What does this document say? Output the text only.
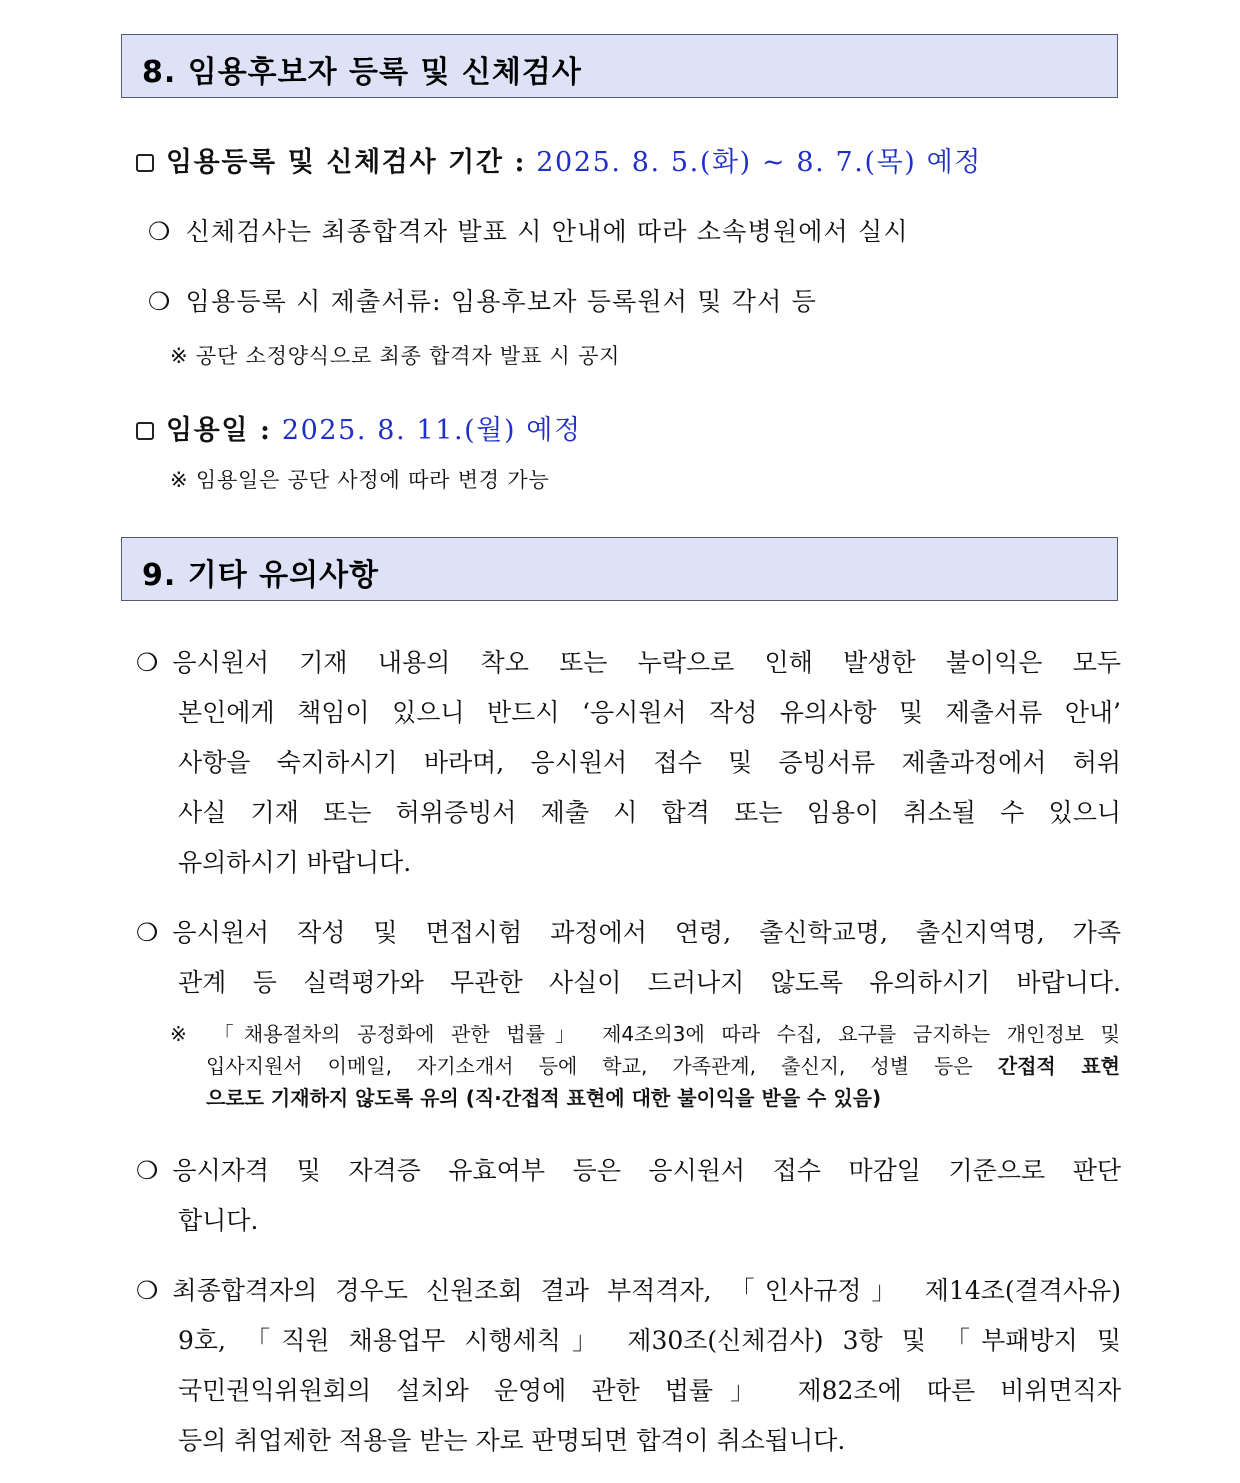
8. 임용후보자 등록 및 신체검사
임용등록 및 신체검사 기간 : 2025. 8. 5.(화) ~ 8. 7.(목) 예정
❍ 신체검사는 최종합격자 발표 시 안내에 따라 소속병원에서 실시
❍ 임용등록 시 제출서류: 임용후보자 등록원서 및 각서 등
※ 공단 소정양식으로 최종 합격자 발표 시 공지
임용일 : 2025. 8. 11.(월) 예정
※ 임용일은 공단 사정에 따라 변경 가능
9. 기타 유의사항
❍ 응시원서 기재 내용의 착오 또는 누락으로 인해 발생한 불이익은 모두
본인에게 책임이 있으니 반드시 ‘응시원서 작성 유의사항 및 제출서류 안내’
사항을 숙지하시기 바라며, 응시원서 접수 및 증빙서류 제출과정에서 허위
사실 기재 또는 허위증빙서 제출 시 합격 또는 임용이 취소될 수 있으니
유의하시기 바랍니다.
❍ 응시원서 작성 및 면접시험 과정에서 연령, 출신학교명, 출신지역명, 가족
관계 등 실력평가와 무관한 사실이 드러나지 않도록 유의하시기 바랍니다.
※ 「채용절차의 공정화에 관한 법률」 제4조의3에 따라 수집, 요구를 금지하는 개인정보 및
입사지원서 이메일, 자기소개서 등에 학교, 가족관계, 출신지, 성별 등은 간접적 표현
으로도 기재하지 않도록 유의 (직·간접적 표현에 대한 불이익을 받을 수 있음)
❍ 응시자격 및 자격증 유효여부 등은 응시원서 접수 마감일 기준으로 판단
합니다.
❍ 최종합격자의 경우도 신원조회 결과 부적격자, 「인사규정」 제14조(결격사유)
9호, 「직원 채용업무 시행세칙」 제30조(신체검사) 3항 및 「부패방지 및
국민권익위원회의 설치와 운영에 관한 법률」 제82조에 따른 비위면직자
등의 취업제한 적용을 받는 자로 판명되면 합격이 취소됩니다.
